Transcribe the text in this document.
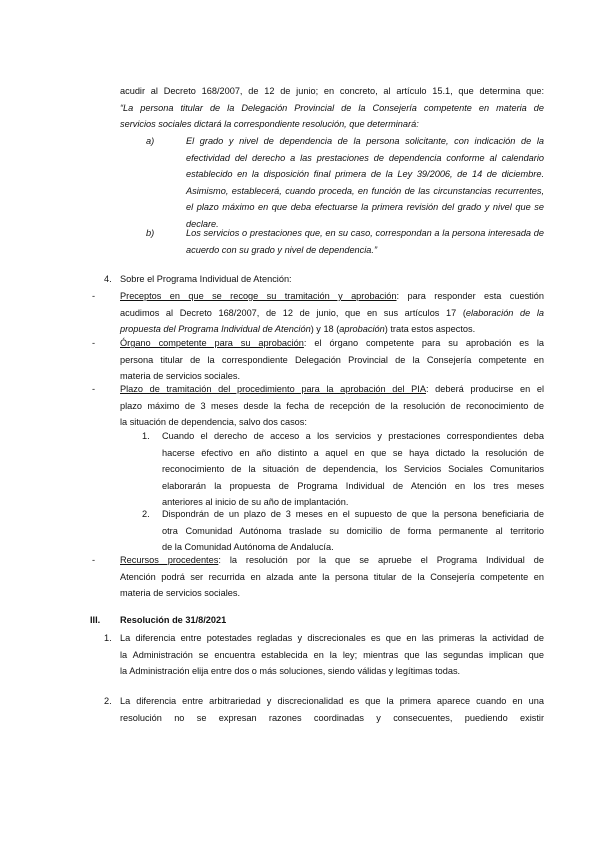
acudir al Decreto 168/2007, de 12 de junio; en concreto, al artículo 15.1, que determina que:
“La persona titular de la Delegación Provincial de la Consejería competente en materia de
servicios sociales dictará la correspondiente resolución, que determinará:
a)	El grado y nivel de dependencia de la persona solicitante, con indicación de la
efectividad del derecho a las prestaciones de dependencia conforme al calendario
establecido en la disposición final primera de la Ley 39/2006, de 14 de diciembre.
Asimismo, establecerá, cuando proceda, en función de las circunstancias recurrentes,
el plazo máximo en que deba efectuarse la primera revisión del grado y nivel que se
declare.
b)	Los servicios o prestaciones que, en su caso, correspondan a la persona interesada de
acuerdo con su grado y nivel de dependencia.”
4. Sobre el Programa Individual de Atención:
-	Preceptos en que se recoge su tramitación y aprobación: para responder esta cuestión
acudimos al Decreto 168/2007, de 12 de junio, que en sus artículos 17 (elaboración de la
propuesta del Programa Individual de Atención) y 18 (aprobación) trata estos aspectos.
-	Órgano competente para su aprobación: el órgano competente para su aprobación es la
persona titular de la correspondiente Delegación Provincial de la Consejería competente en
materia de servicios sociales.
-	Plazo de tramitación del procedimiento para la aprobación del PIA: deberá producirse en el
plazo máximo de 3 meses desde la fecha de recepción de la resolución de reconocimiento de
la situación de dependencia, salvo dos casos:
1. Cuando el derecho de acceso a los servicios y prestaciones correspondientes deba
hacerse efectivo en año distinto a aquel en que se haya dictado la resolución de
reconocimiento de la situación de dependencia, los Servicios Sociales Comunitarios
elaborarán la propuesta de Programa Individual de Atención en los tres meses
anteriores al inicio de su año de implantación.
2. Dispondrán de un plazo de 3 meses en el supuesto de que la persona beneficiaria de
otra Comunidad Autónoma traslade su domicilio de forma permanente al territorio
de la Comunidad Autónoma de Andalucía.
-	Recursos procedentes: la resolución por la que se apruebe el Programa Individual de
Atención podrá ser recurrida en alzada ante la persona titular de la Consejería competente en
materia de servicios sociales.
III. Resolución de 31/8/2021
1. La diferencia entre potestades regladas y discrecionales es que en las primeras la actividad de
la Administración se encuentra establecida en la ley; mientras que las segundas implican que
la Administración elija entre dos o más soluciones, siendo válidas y legítimas todas.
2. La diferencia entre arbitrariedad y discrecionalidad es que la primera aparece cuando en una
resolución no se expresan razones coordinadas y consecuentes, puediendo existir
